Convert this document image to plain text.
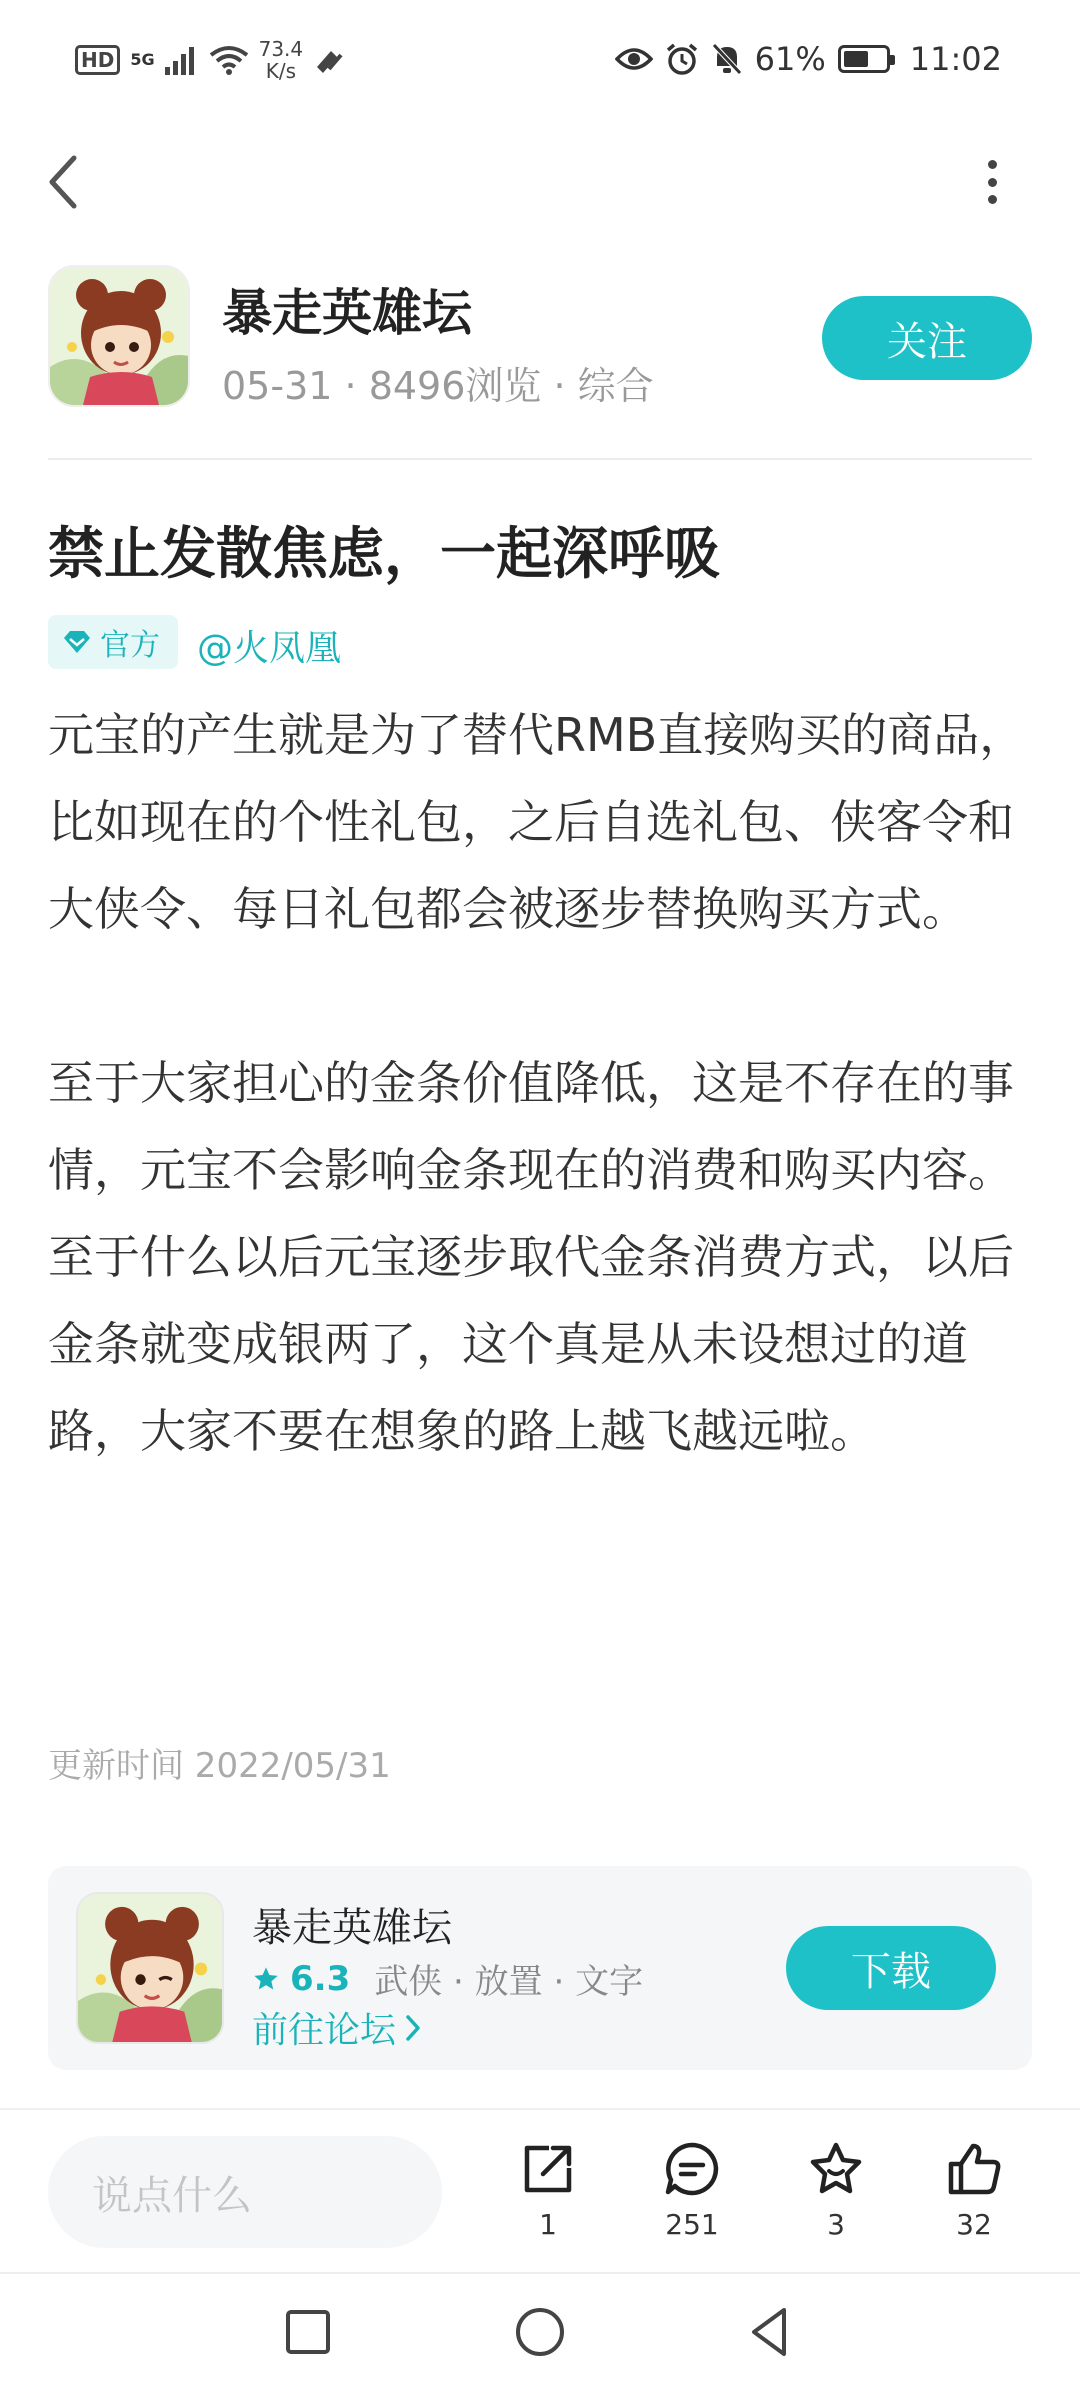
HD	5G	73.4
K/s	61%	11:02
暴走英雄坛
05-31 · 8496浏览 · 综合
关注
禁止发散焦虑，一起深呼吸
官方 @火凤凰

元宝的产生就是为了替代RMB直接购买的商品，比如现在的个性礼包，之后自选礼包、侠客令和大侠令、每日礼包都会被逐步替换购买方式。

至于大家担心的金条价值降低，这是不存在的事情，元宝不会影响金条现在的消费和购买内容。至于什么以后元宝逐步取代金条消费方式，以后金条就变成银两了，这个真是从未设想过的道路，大家不要在想象的路上越飞越远啦。

更新时间 2022/05/31
暴走英雄坛
6.3 武侠 · 放置 · 文字
前往论坛
下载
说点什么
1	251	3	32
